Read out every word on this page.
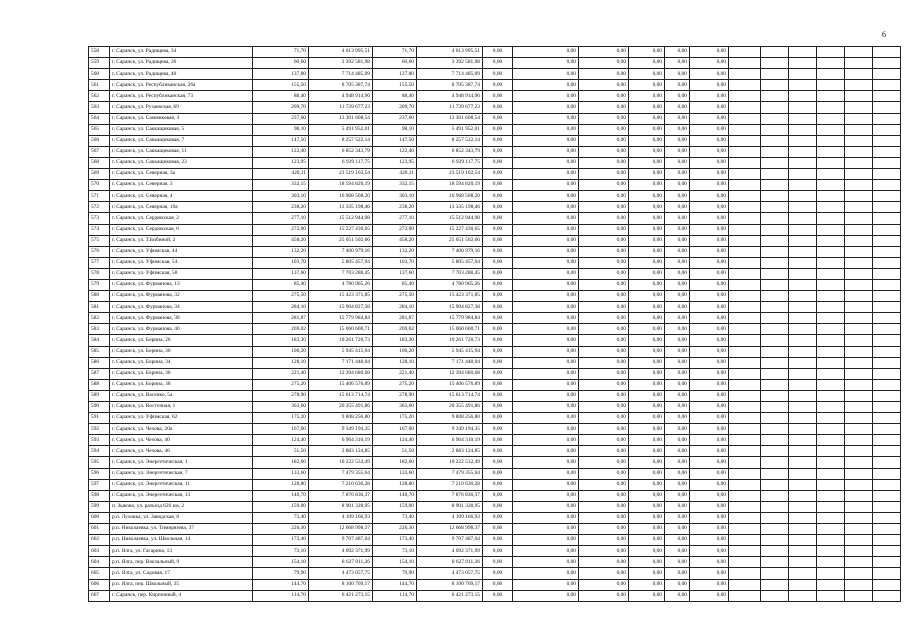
6
558	г. Саранск, ул. Радищева, 34	71,70	4 013 995,51	71,70	4 013 995,51	0,00	0,00	0,00	0,00	0,00	0,00						
559	г. Саранск, ул. Радищева, 36	60,60	3 392 581,98	60,60	3 392 581,98	0,00	0,00	0,00	0,00	0,00	0,00						
560	г. Саранск, ул. Радищева, 40	137,80	7 714 485,09	137,80	7 714 485,09	0,00	0,00	0,00	0,00	0,00	0,00						
561	г. Саранск, ул. Республиканская, 26а	155,50	8 705 387,74	155,50	8 705 387,74	0,00	0,00	0,00	0,00	0,00	0,00						
562	г. Саранск, ул. Республиканская, 73	88,40	4 948 914,96	88,40	4 948 914,96	0,00	0,00	0,00	0,00	0,00	0,00						
563	г. Саранск, ул. Рузаевская, 69	209,70	11 739 677,23	209,70	11 739 677,23	0,00	0,00	0,00	0,00	0,00	0,00						
564	г. Саранск, ул. Саммиковая, 3	237,60	13 301 608,54	237,60	13 301 608,54	0,00	0,00	0,00	0,00	0,00	0,00						
565	г. Саранск, ул. Саккащиковая, 5	98,10	5 491 952,01	98,10	5 491 952,01	0,00	0,00	0,00	0,00	0,00	0,00						
566	г. Саранск, ул. Саккащиковая, 7	147,50	8 257 522,14	147,50	8 257 522,14	0,00	0,00	0,00	0,00	0,00	0,00						
567	г. Саранск, ул. Саккащиковая, 11	122,40	6 852 343,79	122,40	6 852 343,79	0,00	0,00	0,00	0,00	0,00	0,00						
568	г. Саранск, ул. Саккащиковая, 23	123,95	6 939 117,75	123,95	6 939 117,75	0,00	0,00	0,00	0,00	0,00	0,00						
569	г. Саранск, ул. Северная, 3а	420,11	23 519 102,54	420,11	23 519 102,54	0,00	0,00	0,00	0,00	0,00	0,00						
570	г. Саранск, ул. Северная, 3	332,15	18 594 820,19	332,15	18 594 820,19	0,00	0,00	0,00	0,00	0,00	0,00						
571	г. Саранск, ул. Северная, 4	303,10	16 968 508,20	303,10	16 968 508,20	0,00	0,00	0,00	0,00	0,00	0,00						
572	г. Саранск, ул. Северная, 10а	238,20	13 335 198,46	238,20	13 335 198,46	0,00	0,00	0,00	0,00	0,00	0,00						
573	г. Саранск, ул. Сердюкская, 2	277,10	15 512 944,98	277,10	15 512 944,98	0,00	0,00	0,00	0,00	0,00	0,00						
574	г. Саранск, ул. Сердюкская, 6	272,00	15 227 430,65	272,00	15 227 430,65	0,00	0,00	0,00	0,00	0,00	0,00						
575	г. Саранск, ул. Т.Бибиной, 2	458,20	25 651 502,66	458,20	25 651 502,66	0,00	0,00	0,00	0,00	0,00	0,00						
576	г. Саранск, ул. Уфимская, 44	132,20	7 400 979,16	132,20	7 400 979,16	0,00	0,00	0,00	0,00	0,00	0,00						
577	г. Саранск, ул. Уфимская, 54	103,70	5 805 457,94	103,70	5 805 457,94	0,00	0,00	0,00	0,00	0,00	0,00						
578	г. Саранск, ул. Уфимская, 58	137,60	7 703 288,45	137,60	7 703 288,45	0,00	0,00	0,00	0,00	0,00	0,00						
579	г. Саранск, ул. Фурманова, 13	85,40	4 780 965,26	85,40	4 780 965,26	0,00	0,00	0,00	0,00	0,00	0,00						
580	г. Саранск, ул. Фурманова, 32	275,50	15 423 371,85	275,50	15 423 371,85	0,00	0,00	0,00	0,00	0,00	0,00						
581	г. Саранск, ул. Фурманова, 34	284,10	15 904 827,38	284,10	15 904 827,38	0,00	0,00	0,00	0,00	0,00	0,00						
582	г. Саранск, ул. Фурманова, 38	281,87	15 779 984,84	281,87	15 779 984,84	0,00	0,00	0,00	0,00	0,00	0,00						
583	г. Саранск, ул. Фурманова, 40	269,02	15 060 600,71	269,02	15 060 600,71	0,00	0,00	0,00	0,00	0,00	0,00						
584	г. Саранск, ул. Борина, 26	183,30	10 261 720,73	183,30	10 261 720,73	0,00	0,00	0,00	0,00	0,00	0,00						
585	г. Саранск, ул. Борина, 30	106,20	5 945 415,94	106,20	5 945 415,94	0,00	0,00	0,00	0,00	0,00	0,00						
586	г. Саранск, ул. Борина, 34	128,10	7 171 448,04	128,10	7 171 448,04	0,00	0,00	0,00	0,00	0,00	0,00						
587	г. Саранск, ул. Борина, 36	221,40	12 394 680,68	221,40	12 394 680,68	0,00	0,00	0,00	0,00	0,00	0,00						
588	г. Саранск, ул. Борина, 38	275,20	15 406 576,89	275,20	15 406 576,89	0,00	0,00	0,00	0,00	0,00	0,00						
589	г. Саранск, ул. Васенко, 5а	278,90	15 613 714,74	278,90	15 613 714,74	0,00	0,00	0,00	0,00	0,00	0,00						
590	г. Саранск, ул. Восточная, 1	363,60	20 355 491,86	363,60	20 355 491,86	0,00	0,00	0,00	0,00	0,00	0,00						
591	г. Саранск, ул. Уфимская, 62	175,20	9 808 256,80	175,20	9 808 256,80	0,00	0,00	0,00	0,00	0,00	0,00						
592	г. Саранск, ул. Чехова, 20а	167,00	9 349 194,35	167,00	9 349 194,35	0,00	0,00	0,00	0,00	0,00	0,00						
593	г. Саранск, ул. Чехова, 40	124,40	6 964 310,19	124,40	6 964 310,19	0,00	0,00	0,00	0,00	0,00	0,00						
594	г. Саранск, ул. Чехова, 46	51,50	2 883 124,85	51,50	2 883 124,85	0,00	0,00	0,00	0,00	0,00	0,00						
595	г. Саранск, ул. Энергетическая, 1	182,60	10 222 532,49	182,60	10 222 532,49	0,00	0,00	0,00	0,00	0,00	0,00						
596	г. Саранск, ул. Энергетическая, 7	133,60	7 479 355,64	133,60	7 479 355,64	0,00	0,00	0,00	0,00	0,00	0,00						
597	г. Саранск, ул. Энергетическая, 11	128,80	7 210 636,28	128,80	7 210 636,28	0,00	0,00	0,00	0,00	0,00	0,00						
598	г. Саранск, ул. Энергетическая, 13	140,70	7 876 836,37	140,70	7 876 836,37	0,00	0,00	0,00	0,00	0,00	0,00						
599	п. Зыково, ул. разъезд 626 км, 2	159,00	8 901 328,95	159,00	8 901 328,95	0,00	0,00	0,00	0,00	0,00	0,00						
600	р.п. Луховка, ул. Заводская, 8	73,40	4 109 166,93	73,40	4 109 166,93	0,00	0,00	0,00	0,00	0,00	0,00						
601	р.п. Николаевка, ул. Тимирязева, 37	226,30	12 668 998,37	226,30	12 668 998,37	0,00	0,00	0,00	0,00	0,00	0,00						
602	р.п. Николаевка, ул. Школьная, 14	173,40	9 707 487,04	173,40	9 707 487,04	0,00	0,00	0,00	0,00	0,00	0,00						
603	р.п. Ялга, ул. Гагарина, 13	73,10	4 092 371,99	73,10	4 092 371,99	0,00	0,00	0,00	0,00	0,00	0,00						
604	р.п. Ялга, пер. Вокзальный, 9	154,10	8 627 011,26	154,10	8 627 011,26	0,00	0,00	0,00	0,00	0,00	0,00						
605	р.п. Ялга, ул. Садовая, 17	79,90	4 473 057,75	79,90	4 473 057,75	0,00	0,00	0,00	0,00	0,00	0,00						
606	р.п. Ялга, пер. Школьный, 35	144,70	8 100 769,17	144,70	8 100 769,17	0,00	0,00	0,00	0,00	0,00	0,00						
607	г. Саранск, пер. Кирпичный, 4	114,70	6 421 273,15	114,70	6 421 273,15	0,00	0,00	0,00	0,00	0,00	0,00						
